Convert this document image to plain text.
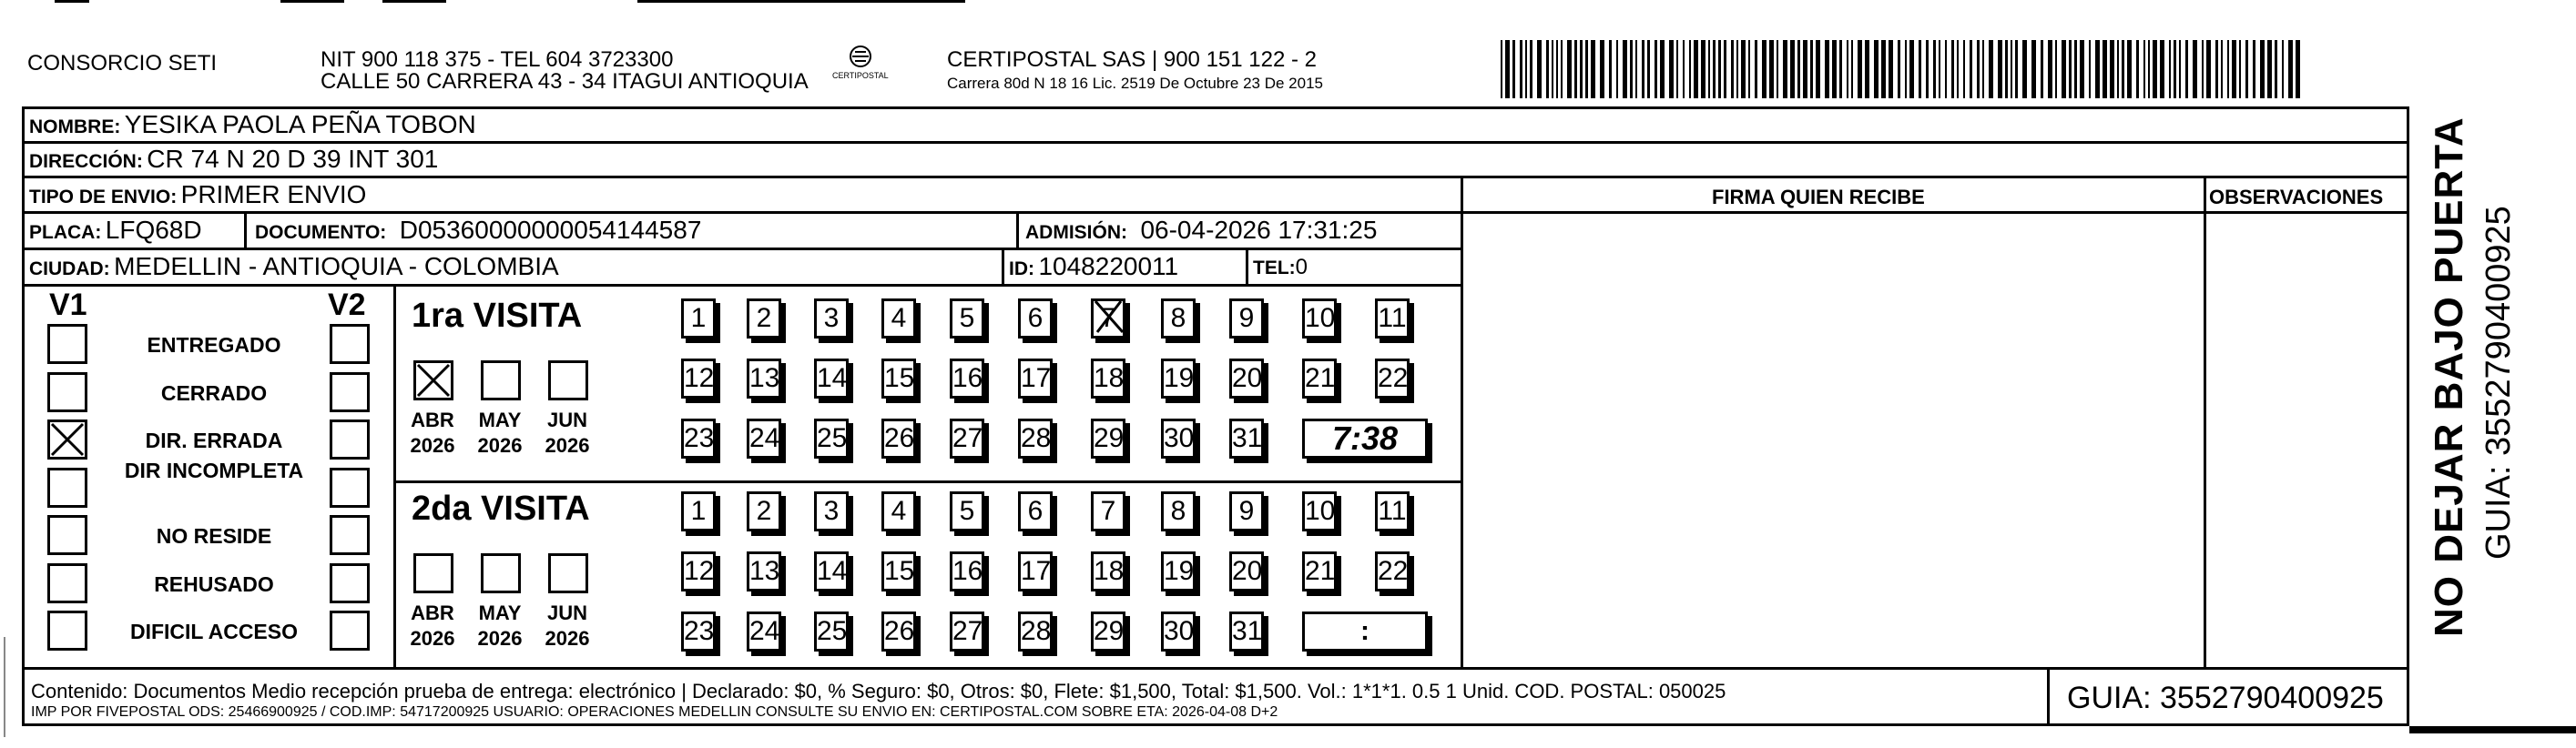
CONSORCIO SETI	NIT 900 118 375 - TEL 604 3723300
CALLE 50 CARRERA 43 - 34 ITAGUI ANTIOQUIA	CERTIPOSTAL
CERTIPOSTAL SAS | 900 151 122 - 2
Carrera 80d N 18 16 Lic. 2519 De Octubre 23 De 2015
NOMBRE: YESIKA PAOLA PEÑA TOBON
DIRECCIÓN: CR 74 N 20 D 39 INT 301
TIPO DE ENVIO: PRIMER ENVIO	FIRMA QUIEN RECIBE	OBSERVACIONES
PLACA: LFQ68D	DOCUMENTO: D05360000000054144587	ADMISIÓN: 06-04-2026 17:31:25
CIUDAD: MEDELLIN - ANTIOQUIA - COLOMBIA	ID: 1048220011	TEL:0
V1	V2
ENTREGADO
CERRADO
DIR. ERRADA
DIR INCOMPLETA
NO RESIDE
REHUSADO
DIFICIL ACCESO
1ra VISITA
2da VISITA
ABR
2026
MAY
2026
JUN
2026
1	2	3	4	5	6	7	8	9	10 11
12 13 14 15 16 17 18 19 20 21 22
23 24 25 26 27 28 29 30 31	7:38
ABR
2026
MAY
2026
JUN
2026
1	2	3	4	5	6	7	8	9	10 11
12 13 14 15 16 17 18 19 20 21 22
23 24 25 26 27 28 29 30 31	:
Contenido: Documentos Medio recepción prueba de entrega: electrónico | Declarado: $0, % Seguro: $0, Otros: $0, Flete: $1,500, Total: $1,500. Vol.: 1*1*1. 0.5 1 Unid. COD. POSTAL: 050025
IMP POR FIVEPOSTAL ODS: 25466900925 / COD.IMP: 54717200925 USUARIO: OPERACIONES MEDELLIN CONSULTE SU ENVIO EN: CERTIPOSTAL.COM SOBRE ETA: 2026-04-08 D+2	GUIA: 3552790400925
NO DEJAR BAJO PUERTA GUIA: 3552790400925
